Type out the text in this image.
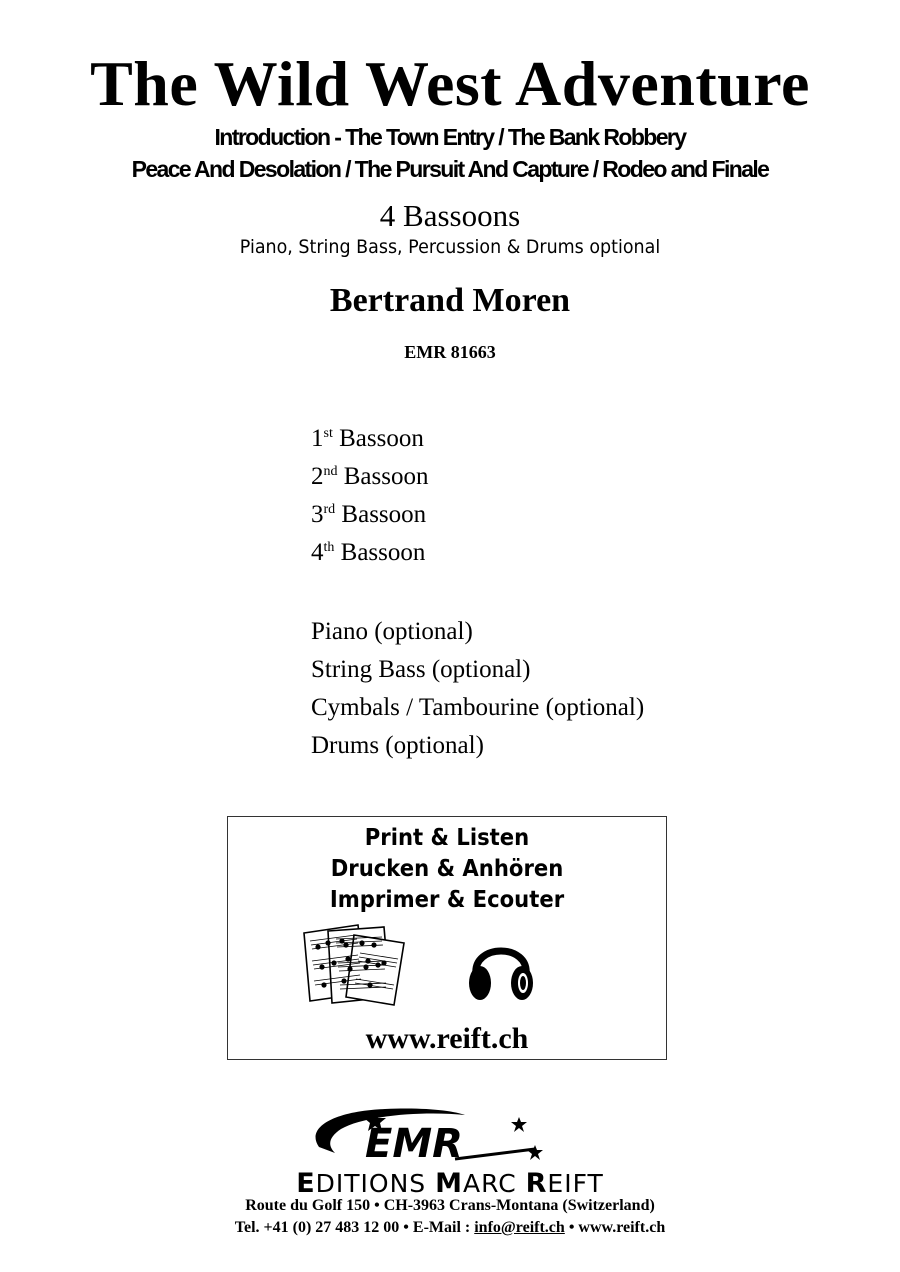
The Wild West Adventure
Introduction - The Town Entry / The Bank Robbery
Peace And Desolation / The Pursuit And Capture / Rodeo and Finale
4 Bassoons
Piano, String Bass, Percussion & Drums optional
Bertrand Moren
EMR 81663
1st Bassoon
2nd Bassoon
3rd Bassoon
4th Bassoon
Piano (optional)
String Bass (optional)
Cymbals / Tambourine (optional)
Drums (optional)
Print & Listen
Drucken & Anhören
Imprimer & Ecouter
www.reift.ch
EMR
EDITIONS MARC REIFT
Route du Golf 150 • CH-3963 Crans-Montana (Switzerland)
Tel. +41 (0) 27 483 12 00 • E-Mail : info@reift.ch • www.reift.ch
